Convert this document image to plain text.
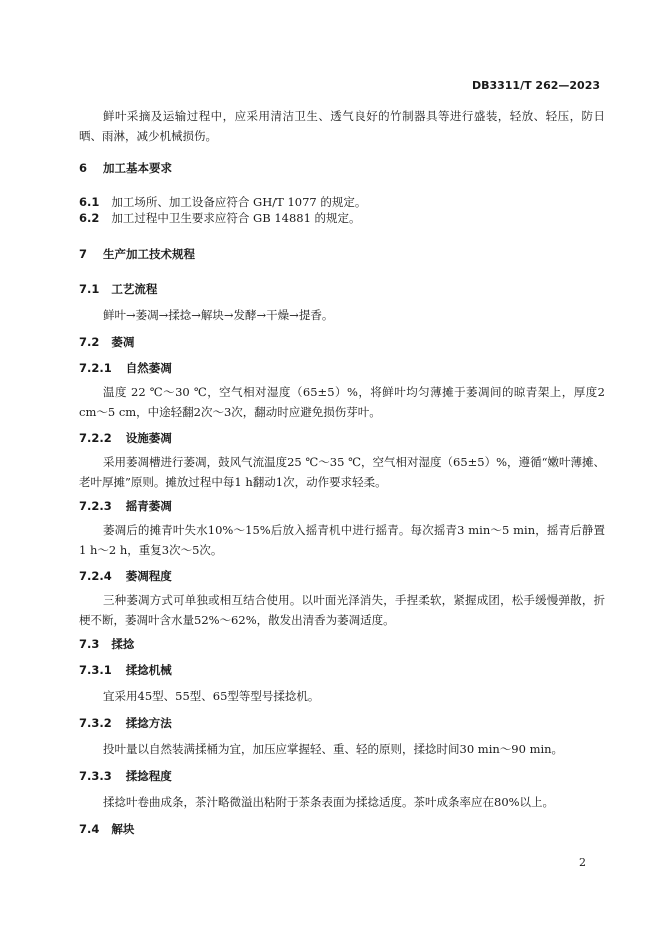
DB3311/T 262—2023
鲜叶采摘及运输过程中，应采用清洁卫生、透气良好的竹制器具等进行盛装，轻放、轻压，防日晒、雨淋，减少机械损伤。
6 加工基本要求
6.1 加工场所、加工设备应符合 GH/T 1077 的规定。
6.2 加工过程中卫生要求应符合 GB 14881 的规定。
7 生产加工技术规程
7.1 工艺流程
鲜叶→萎凋→揉捻→解块→发酵→干燥→提香。
7.2 萎凋
7.2.1 自然萎凋
温度 22 ℃～30 ℃，空气相对湿度（65±5）%，将鲜叶均匀薄摊于萎凋间的晾青架上，厚度2 cm～5 cm，中途轻翻2次～3次，翻动时应避免损伤芽叶。
7.2.2 设施萎凋
采用萎凋槽进行萎凋，鼓风气流温度25 ℃～35 ℃，空气相对湿度（65±5）%，遵循“嫩叶薄摊、老叶厚摊”原则。摊放过程中每1 h翻动1次，动作要求轻柔。
7.2.3 摇青萎凋
萎凋后的摊青叶失水10%～15%后放入摇青机中进行摇青。每次摇青3 min～5 min，摇青后静置1 h～2 h，重复3次～5次。
7.2.4 萎凋程度
三种萎凋方式可单独或相互结合使用。以叶面光泽消失，手捏柔软，紧握成团，松手缓慢弹散，折梗不断，萎凋叶含水量52%～62%，散发出清香为萎凋适度。
7.3 揉捻
7.3.1 揉捻机械
宜采用45型、55型、65型等型号揉捻机。
7.3.2 揉捻方法
投叶量以自然装满揉桶为宜，加压应掌握轻、重、轻的原则，揉捻时间30 min～90 min。
7.3.3 揉捻程度
揉捻叶卷曲成条，茶汁略微溢出粘附于茶条表面为揉捻适度。茶叶成条率应在80%以上。
7.4 解块
2
